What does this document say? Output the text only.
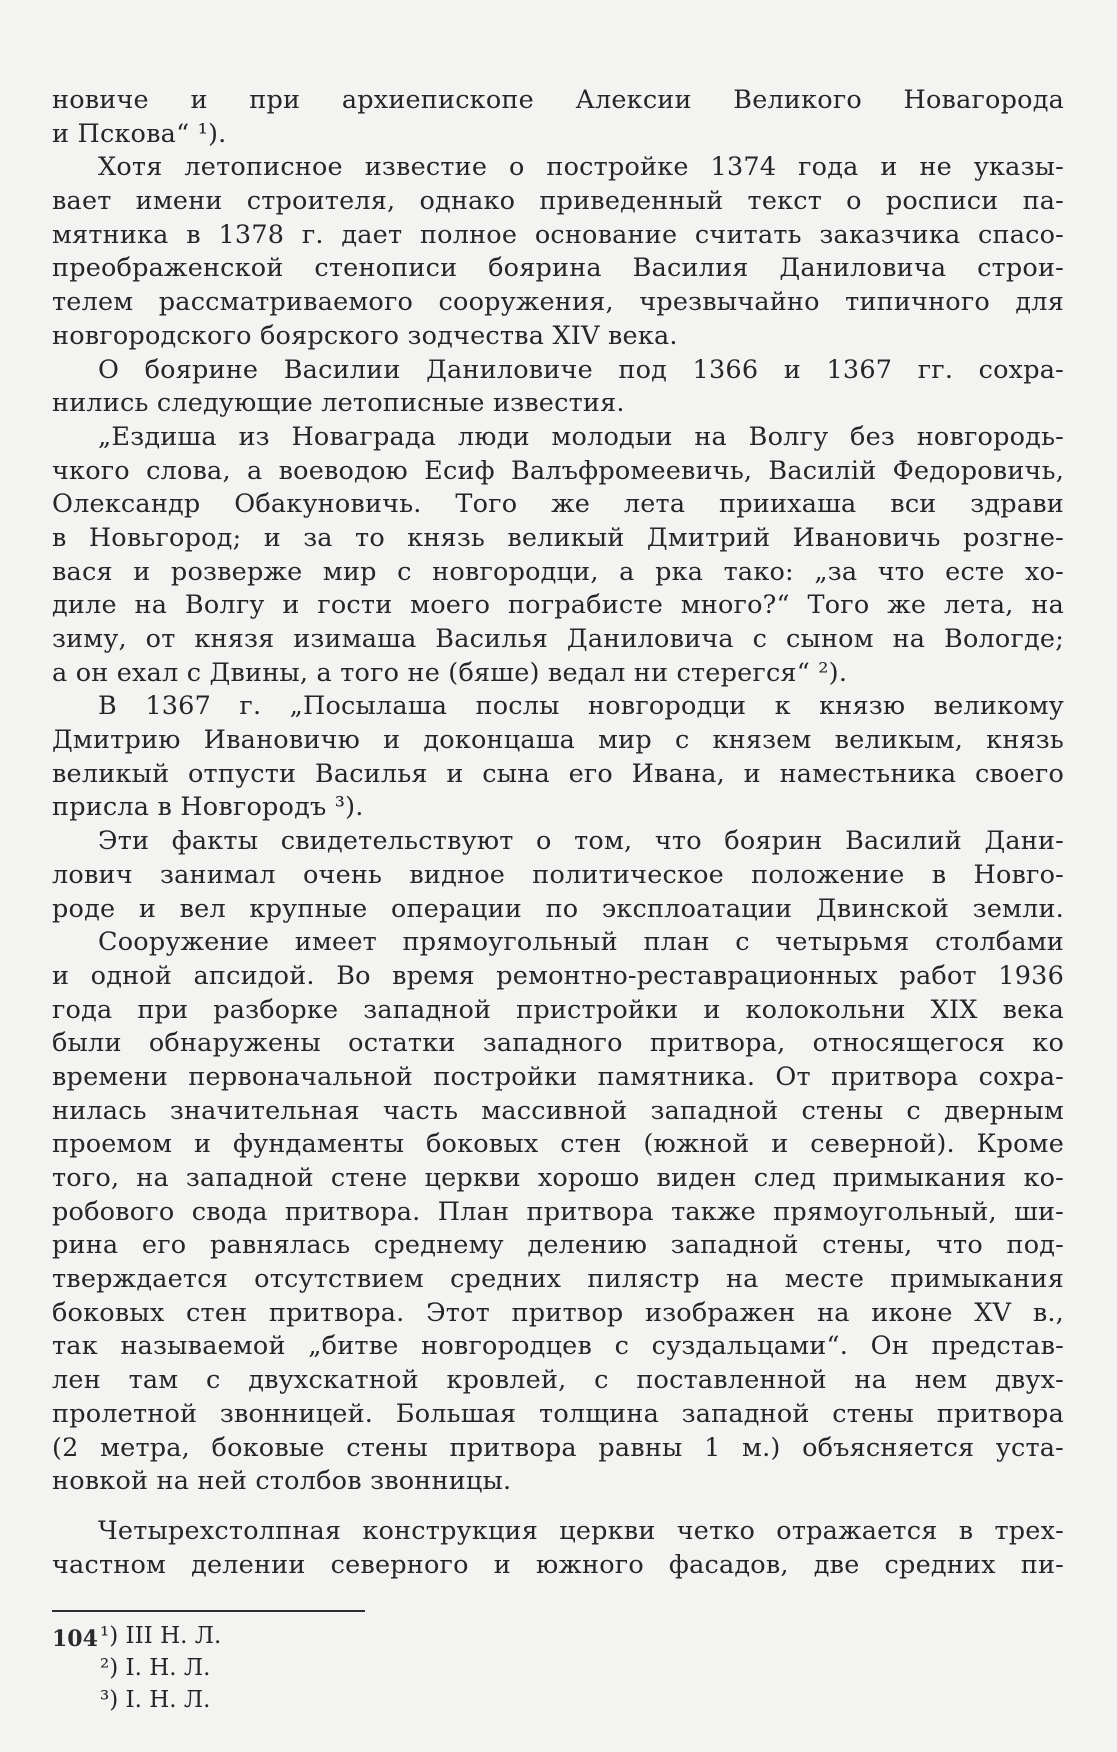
новиче и при архиепископе Алексии Великого Новагорода
и Пскова“ ¹).
Хотя летописное известие о постройке 1374 года и не указы-
вает имени строителя, однако приведенный текст о росписи па-
мятника в 1378 г. дает полное основание считать заказчика спасо-
преображенской стенописи боярина Василия Даниловича строи-
телем рассматриваемого сооружения, чрезвычайно типичного для
новгородского боярского зодчества XIV века.
О боярине Василии Даниловиче под 1366 и 1367 гг. сохра-
нились следующие летописные известия.
„Ездиша из Новаграда люди молодыи на Волгу без новгородь-
чкого слова, а воеводою Есиф Валъфромеевичь, Василій Федоровичь,
Олександр Обакуновичь. Того же лета приихаша вси здрави
в Новьгород; и за то князь великый Дмитрий Ивановичь розгне-
вася и розверже мир с новгородци, а рка тако: „за что есте хо-
диле на Волгу и гости моего пограбисте много?“ Того же лета, на
зиму, от князя изимаша Василья Даниловича с сыном на Вологде;
а он ехал с Двины, а того не (бяше) ведал ни стерегся“ ²).
В 1367 г. „Посылаша послы новгородци к князю великому
Дмитрию Ивановичю и доконцаша мир с князем великым, князь
великый отпусти Василья и сына его Ивана, и наместьника своего
присла в Новгородъ ³).
Эти факты свидетельствуют о том, что боярин Василий Дани-
лович занимал очень видное политическое положение в Новго-
роде и вел крупные операции по эксплоатации Двинской земли.
Сооружение имеет прямоугольный план с четырьмя столбами
и одной апсидой. Во время ремонтно-реставрационных работ 1936
года при разборке западной пристройки и колокольни XIX века
были обнаружены остатки западного притвора, относящегося ко
времени первоначальной постройки памятника. От притвора сохра-
нилась значительная часть массивной западной стены с дверным
проемом и фундаменты боковых стен (южной и северной). Кроме
того, на западной стене церкви хорошо виден след примыкания ко-
робового свода притвора. План притвора также прямоугольный, ши-
рина его равнялась среднему делению западной стены, что под-
тверждается отсутствием средних пилястр на месте примыкания
боковых стен притвора. Этот притвор изображен на иконе XV в.,
так называемой „битве новгородцев с суздальцами“. Он представ-
лен там с двухскатной кровлей, с поставленной на нем двух-
пролетной звонницей. Большая толщина западной стены притвора
(2 метра, боковые стены притвора равны 1 м.) объясняется уста-
новкой на ней столбов звонницы.
Четырехстолпная конструкция церкви четко отражается в трех-
частном делении северного и южного фасадов, две средних пи-
¹) III Н. Л.
²) I. Н. Л.
³) I. Н. Л.
104
